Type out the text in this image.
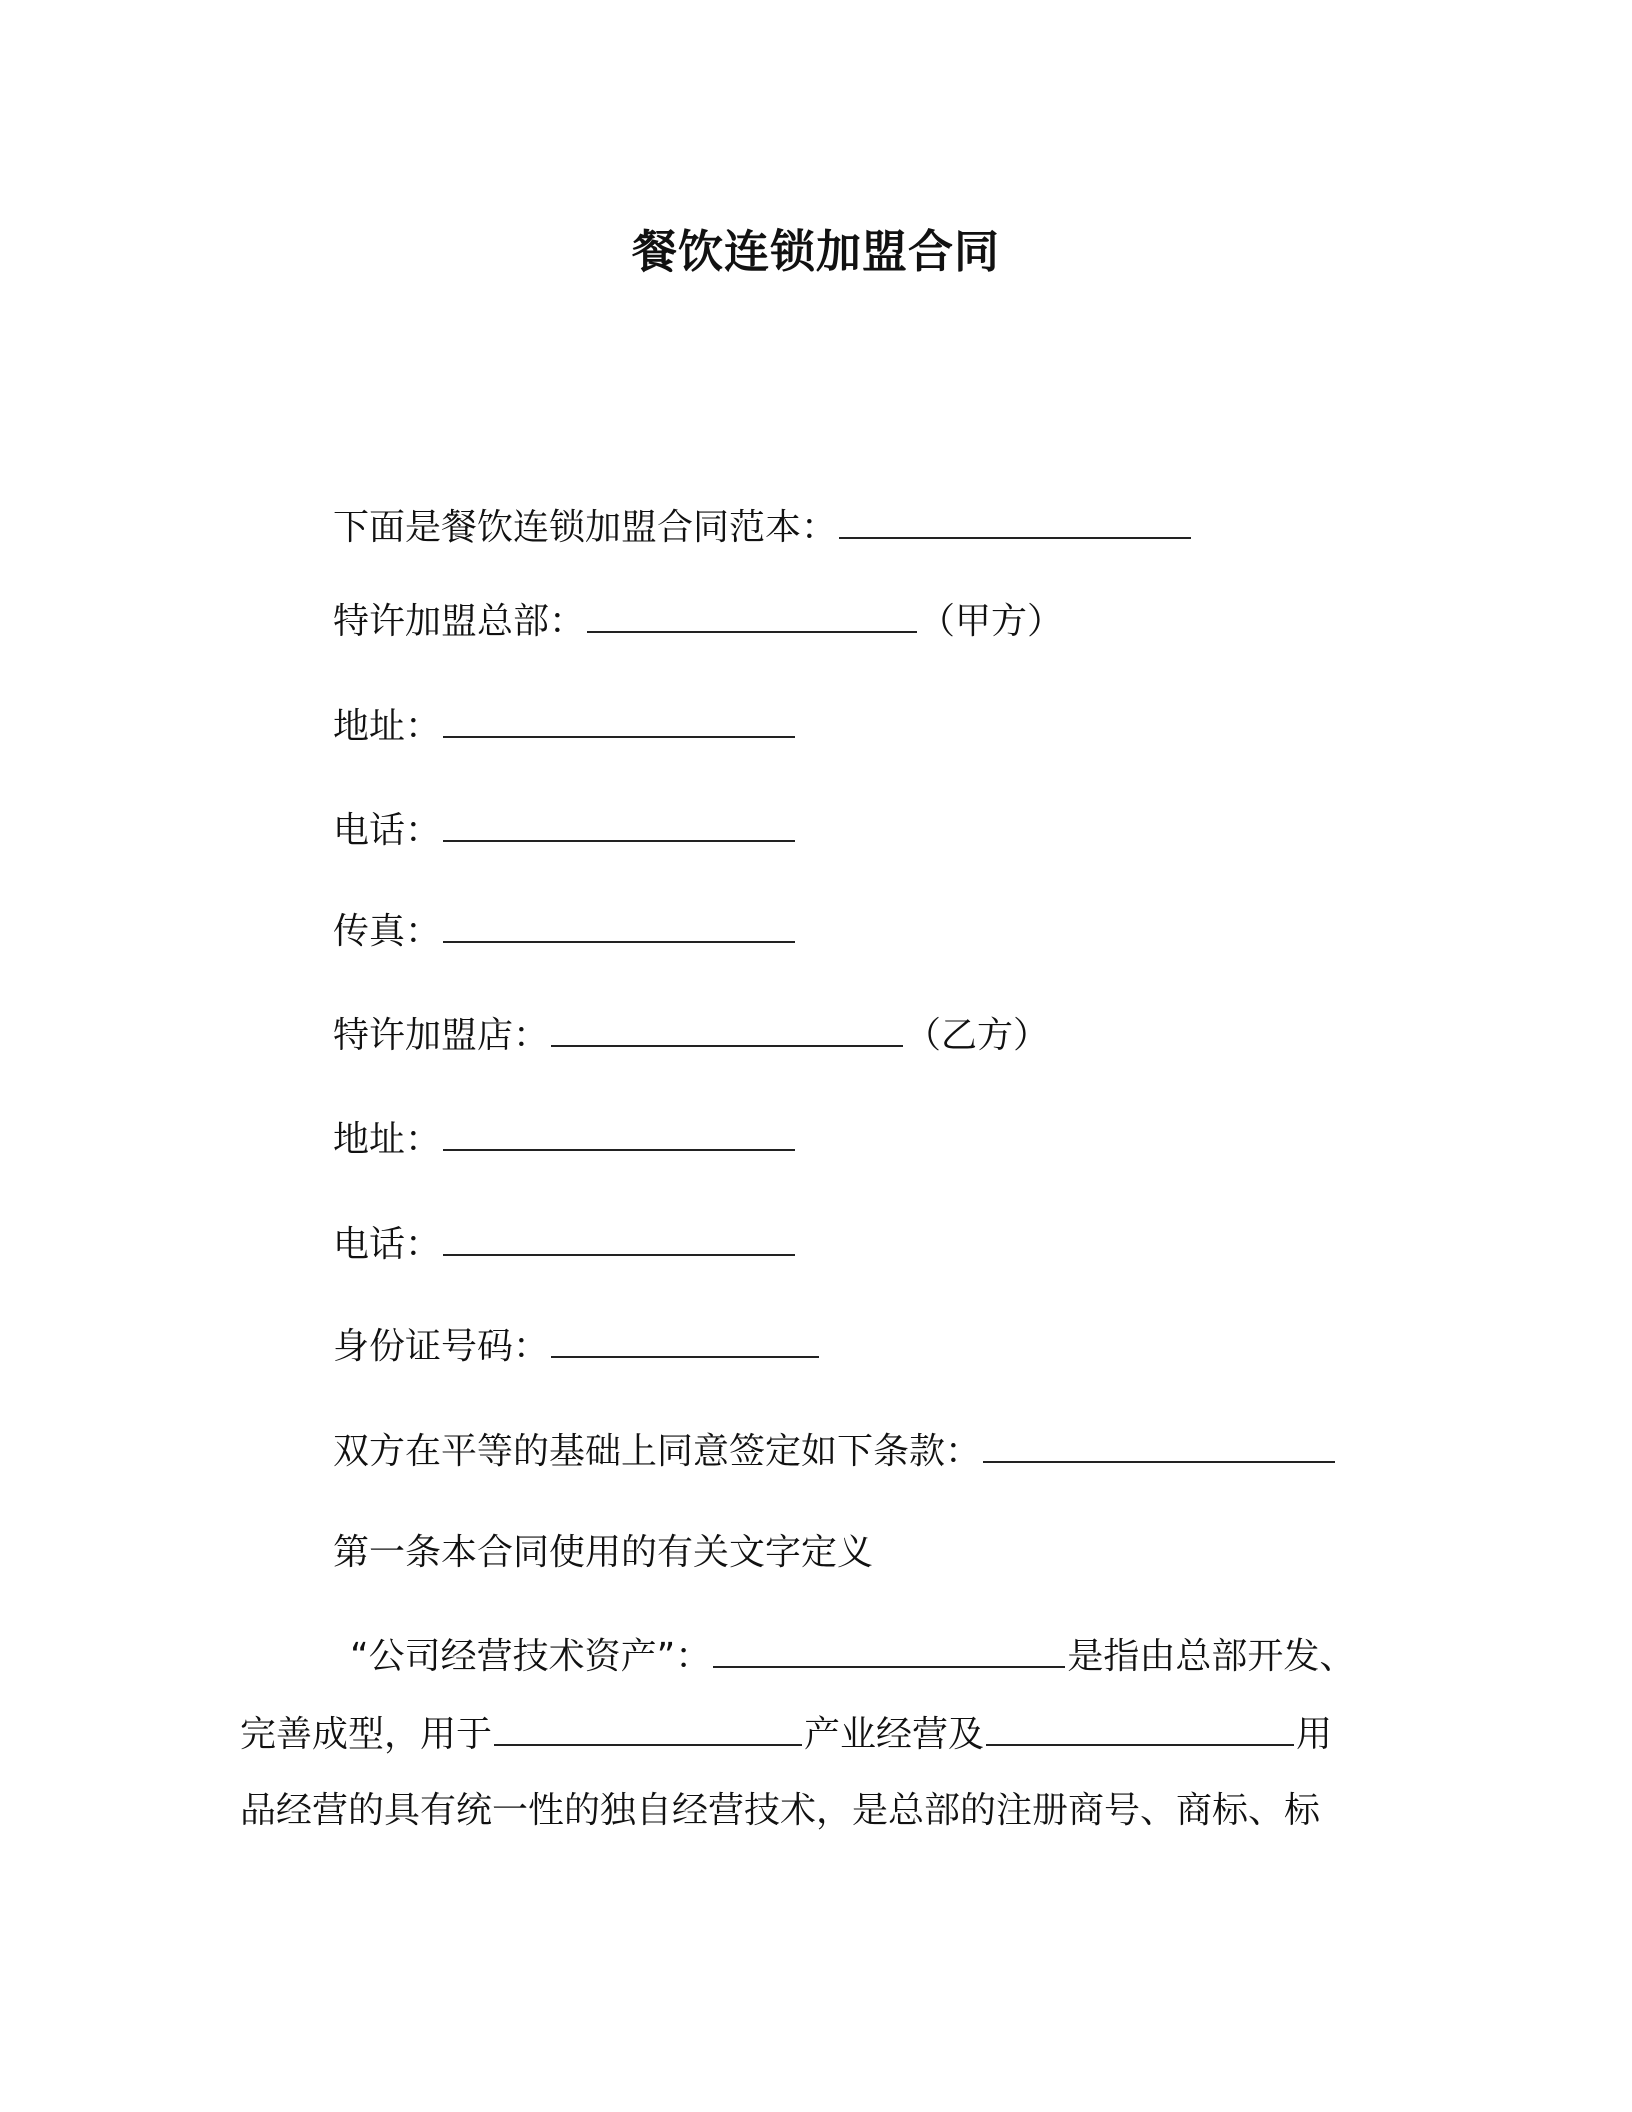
餐饮连锁加盟合同
下面是餐饮连锁加盟合同范本：
特许加盟总部：	（甲方）
地址：
电话：
传真：
特许加盟店：	（乙方）
地址：
电话：
身份证号码：
双方在平等的基础上同意签定如下条款：
第一条本合同使用的有关文字定义
“公司经营技术资产”：	是指由总部开发、
完善成型，用于	产业经营及	用
品经营的具有统一性的独自经营技术，是总部的注册商号、商标、标
